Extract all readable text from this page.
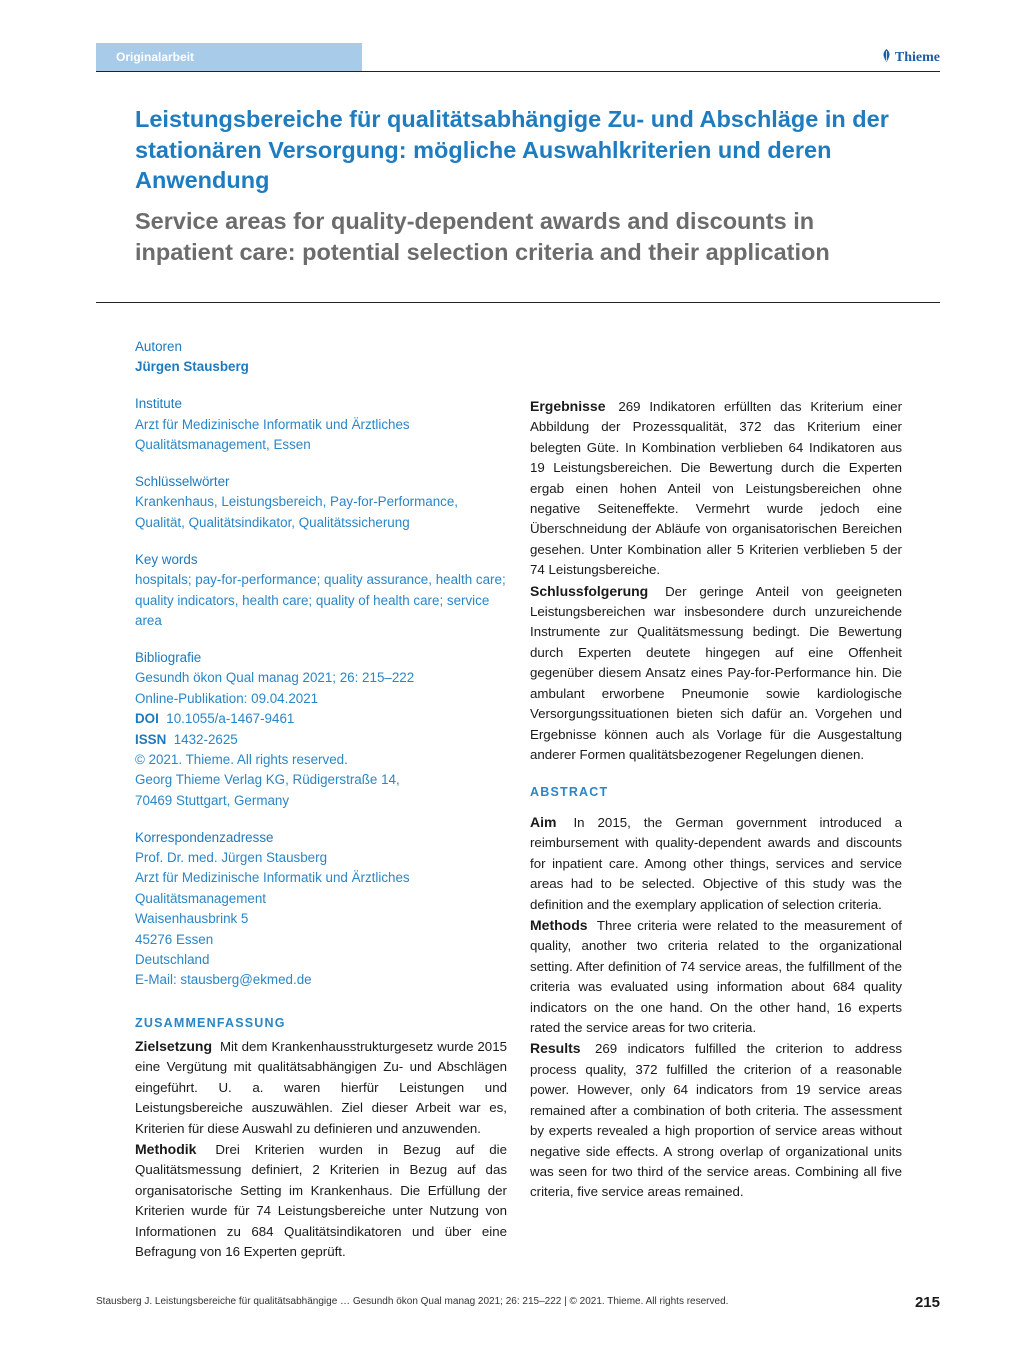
Originalarbeit	Thieme
Leistungsbereiche für qualitätsabhängige Zu- und Abschläge in der stationären Versorgung: mögliche Auswahlkriterien und deren Anwendung
Service areas for quality-dependent awards and discounts in inpatient care: potential selection criteria and their application
Autoren
Jürgen Stausberg
Institute
Arzt für Medizinische Informatik und Ärztliches Qualitätsmanagement, Essen
Schlüsselwörter
Krankenhaus, Leistungsbereich, Pay-for-Performance, Qualität, Qualitätsindikator, Qualitätssicherung
Key words
hospitals; pay-for-performance; quality assurance, health care; quality indicators, health care; quality of health care; service area
Bibliografie
Gesundh ökon Qual manag 2021; 26: 215–222
Online-Publikation: 09.04.2021
DOI 10.1055/a-1467-9461
ISSN 1432-2625
© 2021. Thieme. All rights reserved.
Georg Thieme Verlag KG, Rüdigerstraße 14,
70469 Stuttgart, Germany
Korrespondenzadresse
Prof. Dr. med. Jürgen Stausberg
Arzt für Medizinische Informatik und Ärztliches Qualitätsmanagement
Waisenhausbrink 5
45276 Essen
Deutschland
E-Mail: stausberg@ekmed.de

ZUSAMMENFASSUNG

Zielsetzung Mit dem Krankenhausstrukturgesetz wurde 2015 eine Vergütung mit qualitätsabhängigen Zu- und Abschlägen eingeführt. U. a. waren hierfür Leistungen und Leistungsbereiche auszuwählen. Ziel dieser Arbeit war es, Kriterien für diese Auswahl zu definieren und anzuwenden.

Methodik Drei Kriterien wurden in Bezug auf die Qualitätsmessung definiert, 2 Kriterien in Bezug auf das organisatorische Setting im Krankenhaus. Die Erfüllung der Kriterien wurde für 74 Leistungsbereiche unter Nutzung von Informationen zu 684 Qualitätsindikatoren und über eine Befragung von 16 Experten geprüft.

Ergebnisse 269 Indikatoren erfüllten das Kriterium einer Abbildung der Prozessqualität, 372 das Kriterium einer belegten Güte. In Kombination verblieben 64 Indikatoren aus 19 Leistungsbereichen. Die Bewertung durch die Experten ergab einen hohen Anteil von Leistungsbereichen ohne negative Seiteneffekte. Vermehrt wurde jedoch eine Überschneidung der Abläufe von organisatorischen Bereichen gesehen. Unter Kombination aller 5 Kriterien verblieben 5 der 74 Leistungsbereiche.

Schlussfolgerung Der geringe Anteil von geeigneten Leistungsbereichen war insbesondere durch unzureichende Instrumente zur Qualitätsmessung bedingt. Die Bewertung durch Experten deutete hingegen auf eine Offenheit gegenüber diesem Ansatz eines Pay-for-Performance hin. Die ambulant erworbene Pneumonie sowie kardiologische Versorgungssituationen bieten sich dafür an. Vorgehen und Ergebnisse können auch als Vorlage für die Ausgestaltung anderer Formen qualitätsbezogener Regelungen dienen.

ABSTRACT

Aim In 2015, the German government introduced a reimbursement with quality-dependent awards and discounts for inpatient care. Among other things, services and service areas had to be selected. Objective of this study was the definition and the exemplary application of selection criteria.

Methods Three criteria were related to the measurement of quality, another two criteria related to the organizational setting. After definition of 74 service areas, the fulfillment of the criteria was evaluated using information about 684 quality indicators on the one hand. On the other hand, 16 experts rated the service areas for two criteria.

Results 269 indicators fulfilled the criterion to address process quality, 372 fulfilled the criterion of a reasonable power. However, only 64 indicators from 19 service areas remained after a combination of both criteria. The assessment by experts revealed a high proportion of service areas without negative side effects. A strong overlap of organizational units was seen for two third of the service areas. Combining all five criteria, five service areas remained.

Stausberg J. Leistungsbereiche für qualitätsabhängige … Gesundh ökon Qual manag 2021; 26: 215–222 | © 2021. Thieme. All rights reserved.	215
